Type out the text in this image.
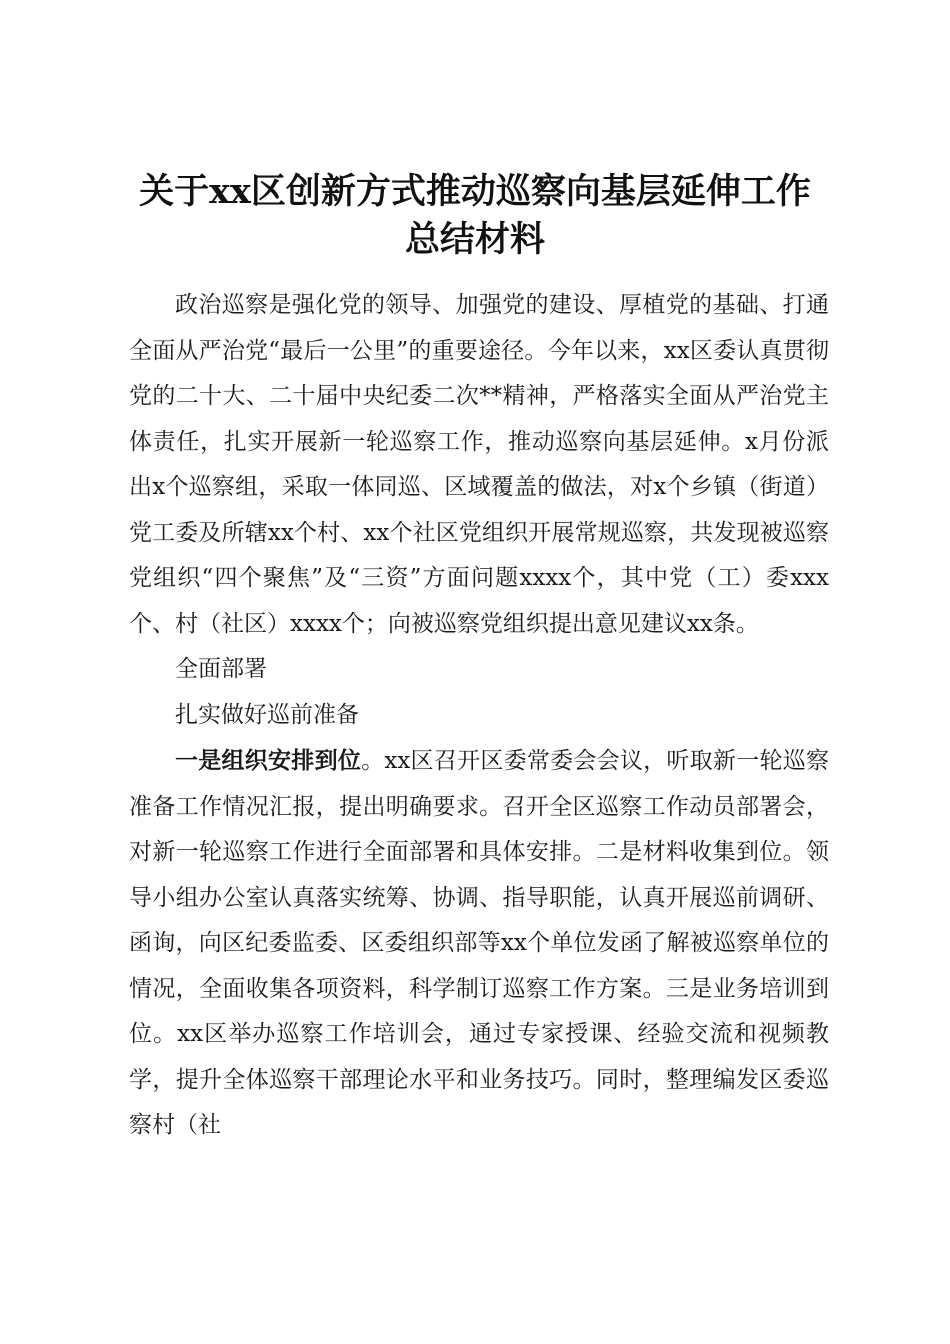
关于xx区创新方式推动巡察向基层延伸工作
总结材料

政治巡察是强化党的领导、加强党的建设、厚植党的基础、打通全面从严治党“最后一公里”的重要途径。今年以来，xx区委认真贯彻党的二十大、二十届中央纪委二次**精神，严格落实全面从严治党主体责任，扎实开展新一轮巡察工作，推动巡察向基层延伸。x月份派出x个巡察组，采取一体同巡、区域覆盖的做法，对x个乡镇（街道）党工委及所辖xx个村、xx个社区党组织开展常规巡察，共发现被巡察党组织“四个聚焦”及“三资”方面问题xxxx个，其中党（工）委xxx个、村（社区）xxxx个；向被巡察党组织提出意见建议xx条。

全面部署

扎实做好巡前准备

一是组织安排到位。xx区召开区委常委会会议，听取新一轮巡察准备工作情况汇报，提出明确要求。召开全区巡察工作动员部署会，对新一轮巡察工作进行全面部署和具体安排。二是材料收集到位。领导小组办公室认真落实统筹、协调、指导职能，认真开展巡前调研、函询，向区纪委监委、区委组织部等xx个单位发函了解被巡察单位的情况，全面收集各项资料，科学制订巡察工作方案。三是业务培训到位。xx区举办巡察工作培训会，通过专家授课、经验交流和视频教学，提升全体巡察干部理论水平和业务技巧。同时，整理编发区委巡察村（社
